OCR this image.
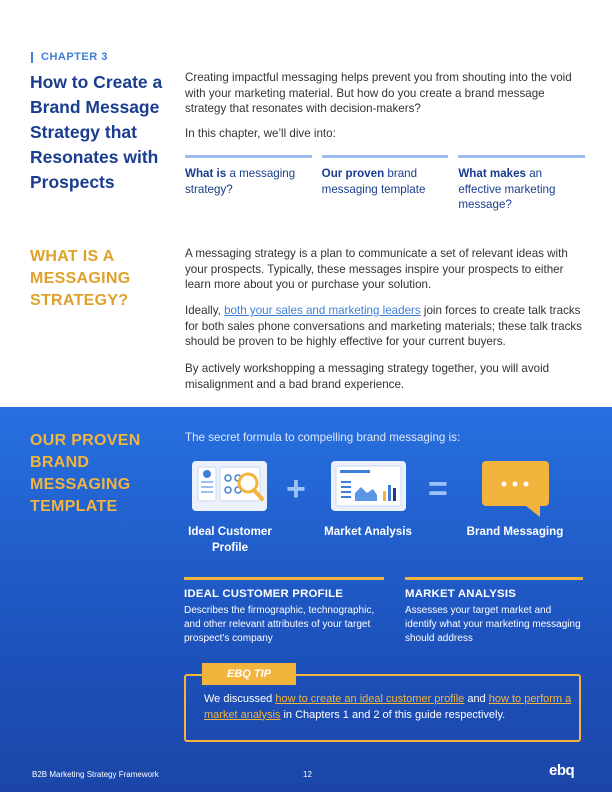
CHAPTER 3
How to Create a Brand Message Strategy that Resonates with Prospects

Creating impactful messaging helps prevent you from shouting into the void with your marketing material. But how do you create a brand message strategy that resonates with decision-makers?

In this chapter, we’ll dive into:

What is a messaging strategy?
Our proven brand messaging template
What makes an effective marketing message?
WHAT IS A MESSAGING STRATEGY?

A messaging strategy is a plan to communicate a set of relevant ideas with your prospects. Typically, these messages inspire your prospects to either learn more about you or purchase your solution.

Ideally, both your sales and marketing leaders join forces to create talk tracks for both sales phone conversations and marketing materials; these talk tracks should be proven to be highly effective for your current buyers.

By actively workshopping a messaging strategy together, you will avoid misalignment and a bad brand experience.

OUR PROVEN BRAND MESSAGING TEMPLATE

The secret formula to compelling brand messaging is:

+	=
Ideal Customer Profile
Market Analysis	Brand Messaging
IDEAL CUSTOMER PROFILE

Describes the firmographic, technographic, and other relevant attributes of your target prospect’s company

MARKET ANALYSIS

Assesses your target market and identify what your marketing messaging should address

EBQ TIP

We discussed how to create an ideal customer profile and how to perform a market analysis in Chapters 1 and 2 of this guide respectively.

B2B Marketing Strategy Framework	12	ebq
